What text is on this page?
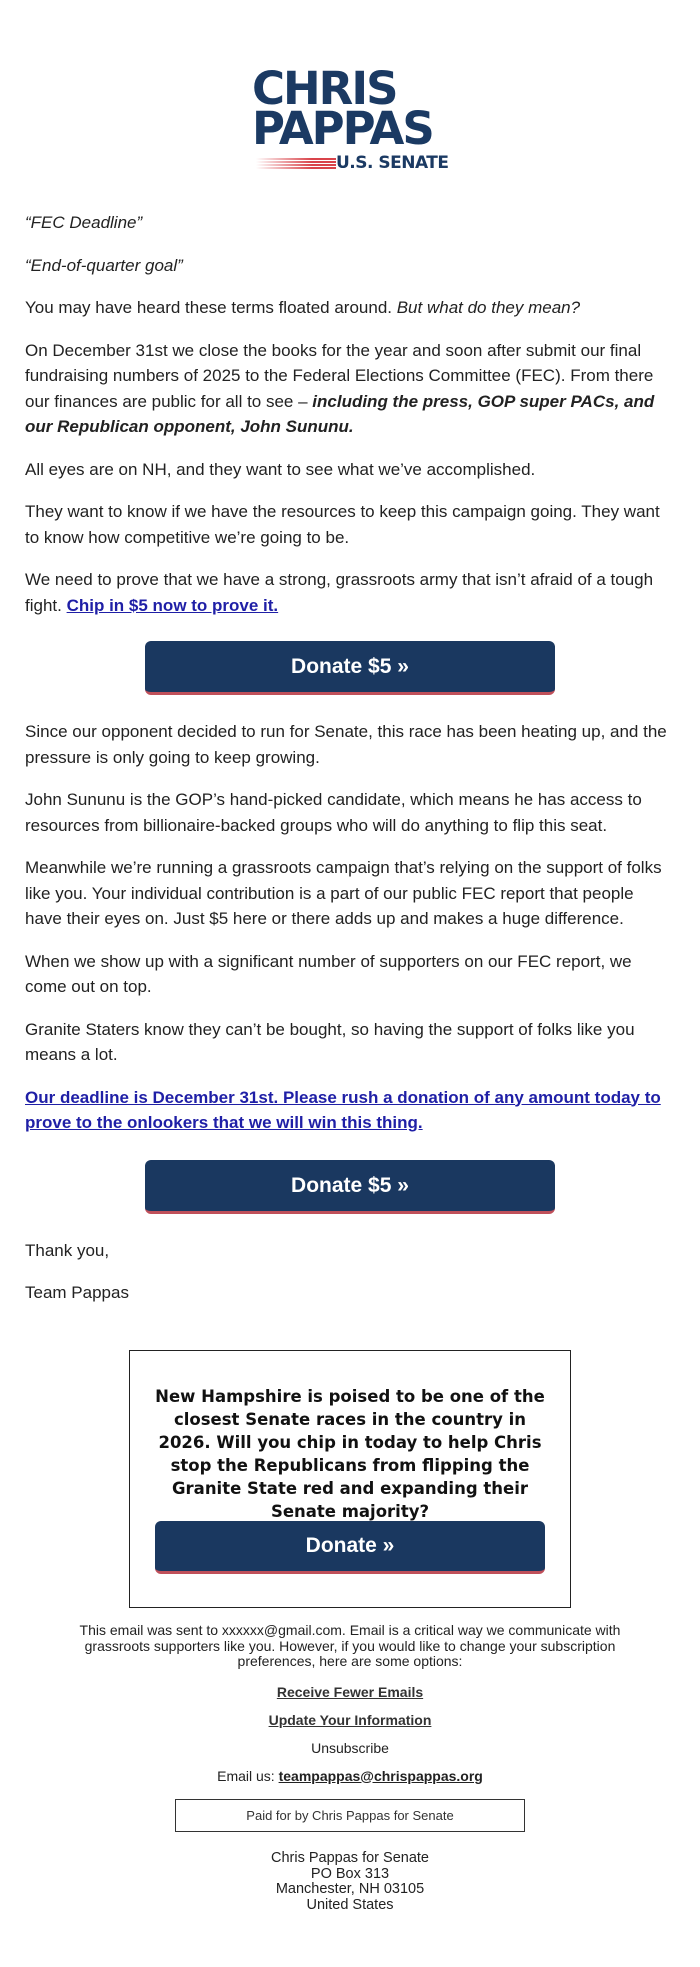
CHRIS
PAPPAS
U.S. SENATE

“FEC Deadline”

“End-of-quarter goal”

You may have heard these terms floated around. But what do they mean?

On December 31st we close the books for the year and soon after submit our final fundraising numbers of 2025 to the Federal Elections Committee (FEC). From there our finances are public for all to see – including the press, GOP super PACs, and our Republican opponent, John Sununu.

All eyes are on NH, and they want to see what we’ve accomplished.

They want to know if we have the resources to keep this campaign going. They want to know how competitive we’re going to be.

We need to prove that we have a strong, grassroots army that isn’t afraid of a tough fight. Chip in $5 now to prove it.

Donate $5 »

Since our opponent decided to run for Senate, this race has been heating up, and the pressure is only going to keep growing.

John Sununu is the GOP’s hand-picked candidate, which means he has access to resources from billionaire-backed groups who will do anything to flip this seat.

Meanwhile we’re running a grassroots campaign that’s relying on the support of folks like you. Your individual contribution is a part of our public FEC report that people have their eyes on. Just $5 here or there adds up and makes a huge difference.

When we show up with a significant number of supporters on our FEC report, we come out on top.

Granite Staters know they can’t be bought, so having the support of folks like you means a lot.

Our deadline is December 31st. Please rush a donation of any amount today to prove to the onlookers that we will win this thing.

Donate $5 »

Thank you,

Team Pappas

New Hampshire is poised to be one of the closest Senate races in the country in 2026. Will you chip in today to help Chris stop the Republicans from flipping the Granite State red and expanding their Senate majority?
Donate »

This email was sent to xxxxxx@gmail.com. Email is a critical way we communicate with grassroots supporters like you. However, if you would like to change your subscription preferences, here are some options:

Receive Fewer Emails

Update Your Information

Unsubscribe

Email us: teampappas@chrispappas.org

Paid for by Chris Pappas for Senate
Chris Pappas for Senate
PO Box 313
Manchester, NH 03105
United States
